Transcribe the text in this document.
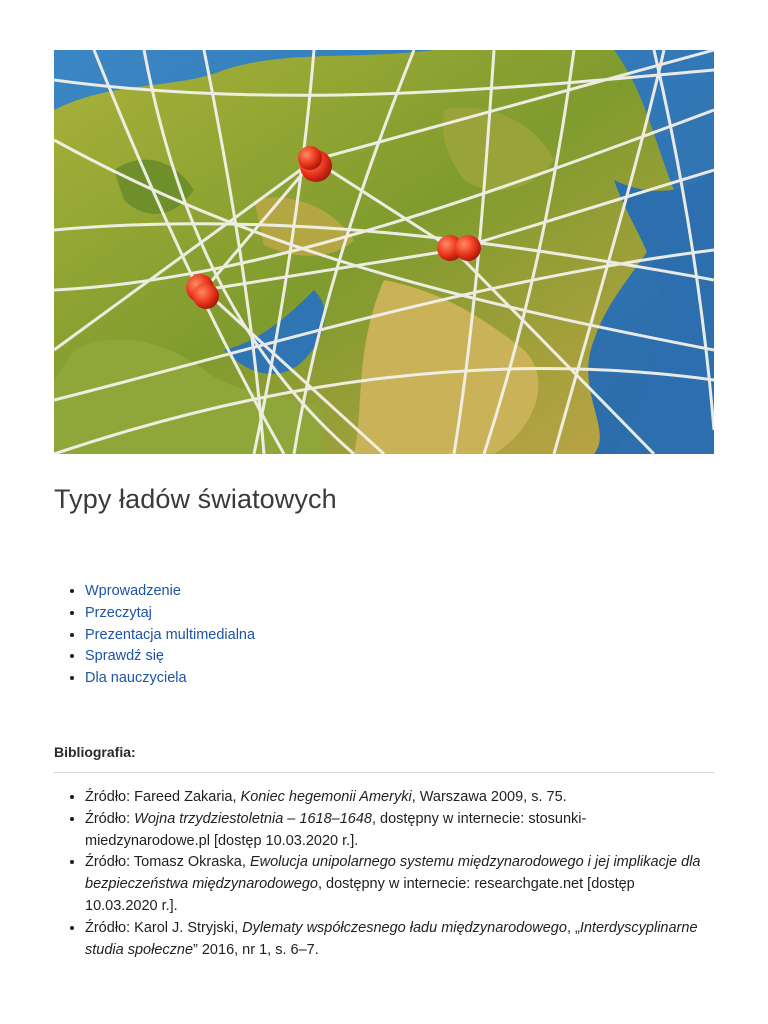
Typy ładów światowych
• Wprowadzenie
• Przeczytaj
• Prezentacja multimedialna
• Sprawdź się
• Dla nauczyciela
Bibliografia:
• Źródło: Fareed Zakaria, Koniec hegemonii Ameryki, Warszawa 2009, s. 75.
• Źródło: Wojna trzydziestoletnia – 1618–1648, dostępny w internecie: stosunki-miedzynarodowe.pl [dostęp 10.03.2020 r.].
• Źródło: Tomasz Okraska, Ewolucja unipolarnego systemu międzynarodowego i jej implikacje dla bezpieczeństwa międzynarodowego, dostępny w internecie: researchgate.net [dostęp 10.03.2020 r.].
• Źródło: Karol J. Stryjski, Dylematy współczesnego ładu międzynarodowego, „Interdyscyplinarne studia społeczne” 2016, nr 1, s. 6–7.
